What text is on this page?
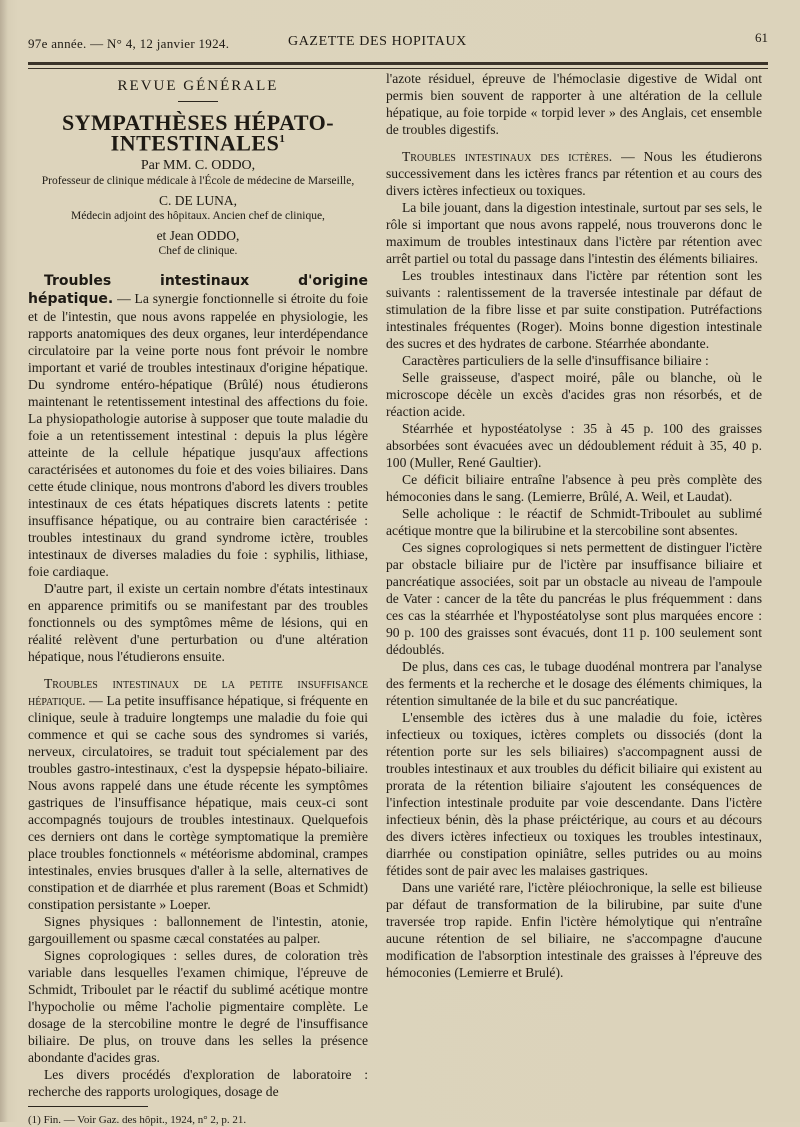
97e année. — N° 4, 12 janvier 1924.	GAZETTE DES HOPITAUX	61
REVUE GÉNÉRALE
SYMPATHÈSES HÉPATO-INTESTINALES$^1$
Par MM. C. ODDO,
Professeur de clinique médicale à l'École de médecine de Marseille,
C. DE LUNA,
Médecin adjoint des hôpitaux. Ancien chef de clinique,
et Jean ODDO,
Chef de clinique.

Troubles intestinaux d'origine hépatique. — La synergie fonctionnelle si étroite du foie et de l'intestin, que nous avons rappelée en physiologie, les rapports anatomiques des deux organes, leur interdépendance circulatoire par la veine porte nous font prévoir le nombre important et varié de troubles intestinaux d'origine hépatique. Du syndrome entéro-hépatique (Brûlé) nous étudierons maintenant le retentissement intestinal des affections du foie. La physiopathologie autorise à supposer que toute maladie du foie a un retentissement intestinal : depuis la plus légère atteinte de la cellule hépatique jusqu'aux affections caractérisées et autonomes du foie et des voies biliaires. Dans cette étude clinique, nous montrons d'abord les divers troubles intestinaux de ces états hépatiques discrets latents : petite insuffisance hépatique, ou au contraire bien caractérisée : troubles intestinaux du grand syndrome ictère, troubles intestinaux de diverses maladies du foie : syphilis, lithiase, foie cardiaque.

D'autre part, il existe un certain nombre d'états intestinaux en apparence primitifs ou se manifestant par des troubles fonctionnels ou des symptômes même de lésions, qui en réalité relèvent d'une perturbation ou d'une altération hépatique, nous l'étudierons ensuite.

Troubles intestinaux de la petite insuffisance hépatique. — La petite insuffisance hépatique, si fréquente en clinique, seule à traduire longtemps une maladie du foie qui commence et qui se cache sous des syndromes si variés, nerveux, circulatoires, se traduit tout spécialement par des troubles gastro-intestinaux, c'est la dyspepsie hépato-biliaire. Nous avons rappelé dans une étude récente les symptômes gastriques de l'insuffisance hépatique, mais ceux-ci sont accompagnés toujours de troubles intestinaux. Quelquefois ces derniers ont dans le cortège symptomatique la première place troubles fonctionnels « météorisme abdominal, crampes intestinales, envies brusques d'aller à la selle, alternatives de constipation et de diarrhée et plus rarement (Boas et Schmidt) constipation persistante » Loeper.

Signes physiques : ballonnement de l'intestin, atonie, gargouillement ou spasme cæcal constatées au palper.

Signes coprologiques : selles dures, de coloration très variable dans lesquelles l'examen chimique, l'épreuve de Schmidt, Triboulet par le réactif du sublimé acétique montre l'hypocholie ou même l'acholie pigmentaire complète. Le dosage de la stercobiline montre le degré de l'insuffisance biliaire. De plus, on trouve dans les selles la présence abondante d'acides gras.

Les divers procédés d'exploration de laboratoire : recherche des rapports urologiques, dosage de

(1) Fin. — Voir Gaz. des hôpit., 1924, n° 2, p. 21.

l'azote résiduel, épreuve de l'hémoclasie digestive de Widal ont permis bien souvent de rapporter à une altération de la cellule hépatique, au foie torpide « torpid lever » des Anglais, cet ensemble de troubles digestifs.

Troubles intestinaux des ictères. — Nous les étudierons successivement dans les ictères francs par rétention et au cours des divers ictères infectieux ou toxiques.

La bile jouant, dans la digestion intestinale, surtout par ses sels, le rôle si important que nous avons rappelé, nous trouverons donc le maximum de troubles intestinaux dans l'ictère par rétention avec arrêt partiel ou total du passage dans l'intestin des éléments biliaires.

Les troubles intestinaux dans l'ictère par rétention sont les suivants : ralentissement de la traversée intestinale par défaut de stimulation de la fibre lisse et par suite constipation. Putréfactions intestinales fréquentes (Roger). Moins bonne digestion intestinale des sucres et des hydrates de carbone. Stéarrhée abondante.

Caractères particuliers de la selle d'insuffisance biliaire :

Selle graisseuse, d'aspect moiré, pâle ou blanche, où le microscope décèle un excès d'acides gras non résorbés, et de réaction acide.

Stéarrhée et hypostéatolyse : 35 à 45 p. 100 des graisses absorbées sont évacuées avec un dédoublement réduit à 35, 40 p. 100 (Muller, René Gaultier).

Ce déficit biliaire entraîne l'absence à peu près complète des hémoconies dans le sang. (Lemierre, Brûlé, A. Weil, et Laudat).

Selle acholique : le réactif de Schmidt-Triboulet au sublimé acétique montre que la bilirubine et la stercobiline sont absentes.

Ces signes coprologiques si nets permettent de distinguer l'ictère par obstacle biliaire pur de l'ictère par insuffisance biliaire et pancréatique associées, soit par un obstacle au niveau de l'ampoule de Vater : cancer de la tête du pancréas le plus fréquemment : dans ces cas la stéarrhée et l'hypostéatolyse sont plus marquées encore : 90 p. 100 des graisses sont évacués, dont 11 p. 100 seulement sont dédoublés.

De plus, dans ces cas, le tubage duodénal montrera par l'analyse des ferments et la recherche et le dosage des éléments chimiques, la rétention simultanée de la bile et du suc pancréatique.

L'ensemble des ictères dus à une maladie du foie, ictères infectieux ou toxiques, ictères complets ou dissociés (dont la rétention porte sur les sels biliaires) s'accompagnent aussi de troubles intestinaux et aux troubles du déficit biliaire qui existent au prorata de la rétention biliaire s'ajoutent les conséquences de l'infection intestinale produite par voie descendante. Dans l'ictère infectieux bénin, dès la phase préictérique, au cours et au décours des divers ictères infectieux ou toxiques les troubles intestinaux, diarrhée ou constipation opiniâtre, selles putrides ou au moins fétides sont de pair avec les malaises gastriques.

Dans une variété rare, l'ictère pléiochronique, la selle est bilieuse par défaut de transformation de la bilirubine, par suite d'une traversée trop rapide. Enfin l'ictère hémolytique qui n'entraîne aucune rétention de sel biliaire, ne s'accompagne d'aucune modification de l'absorption intestinale des graisses à l'épreuve des hémoconies (Lemierre et Brulé).
